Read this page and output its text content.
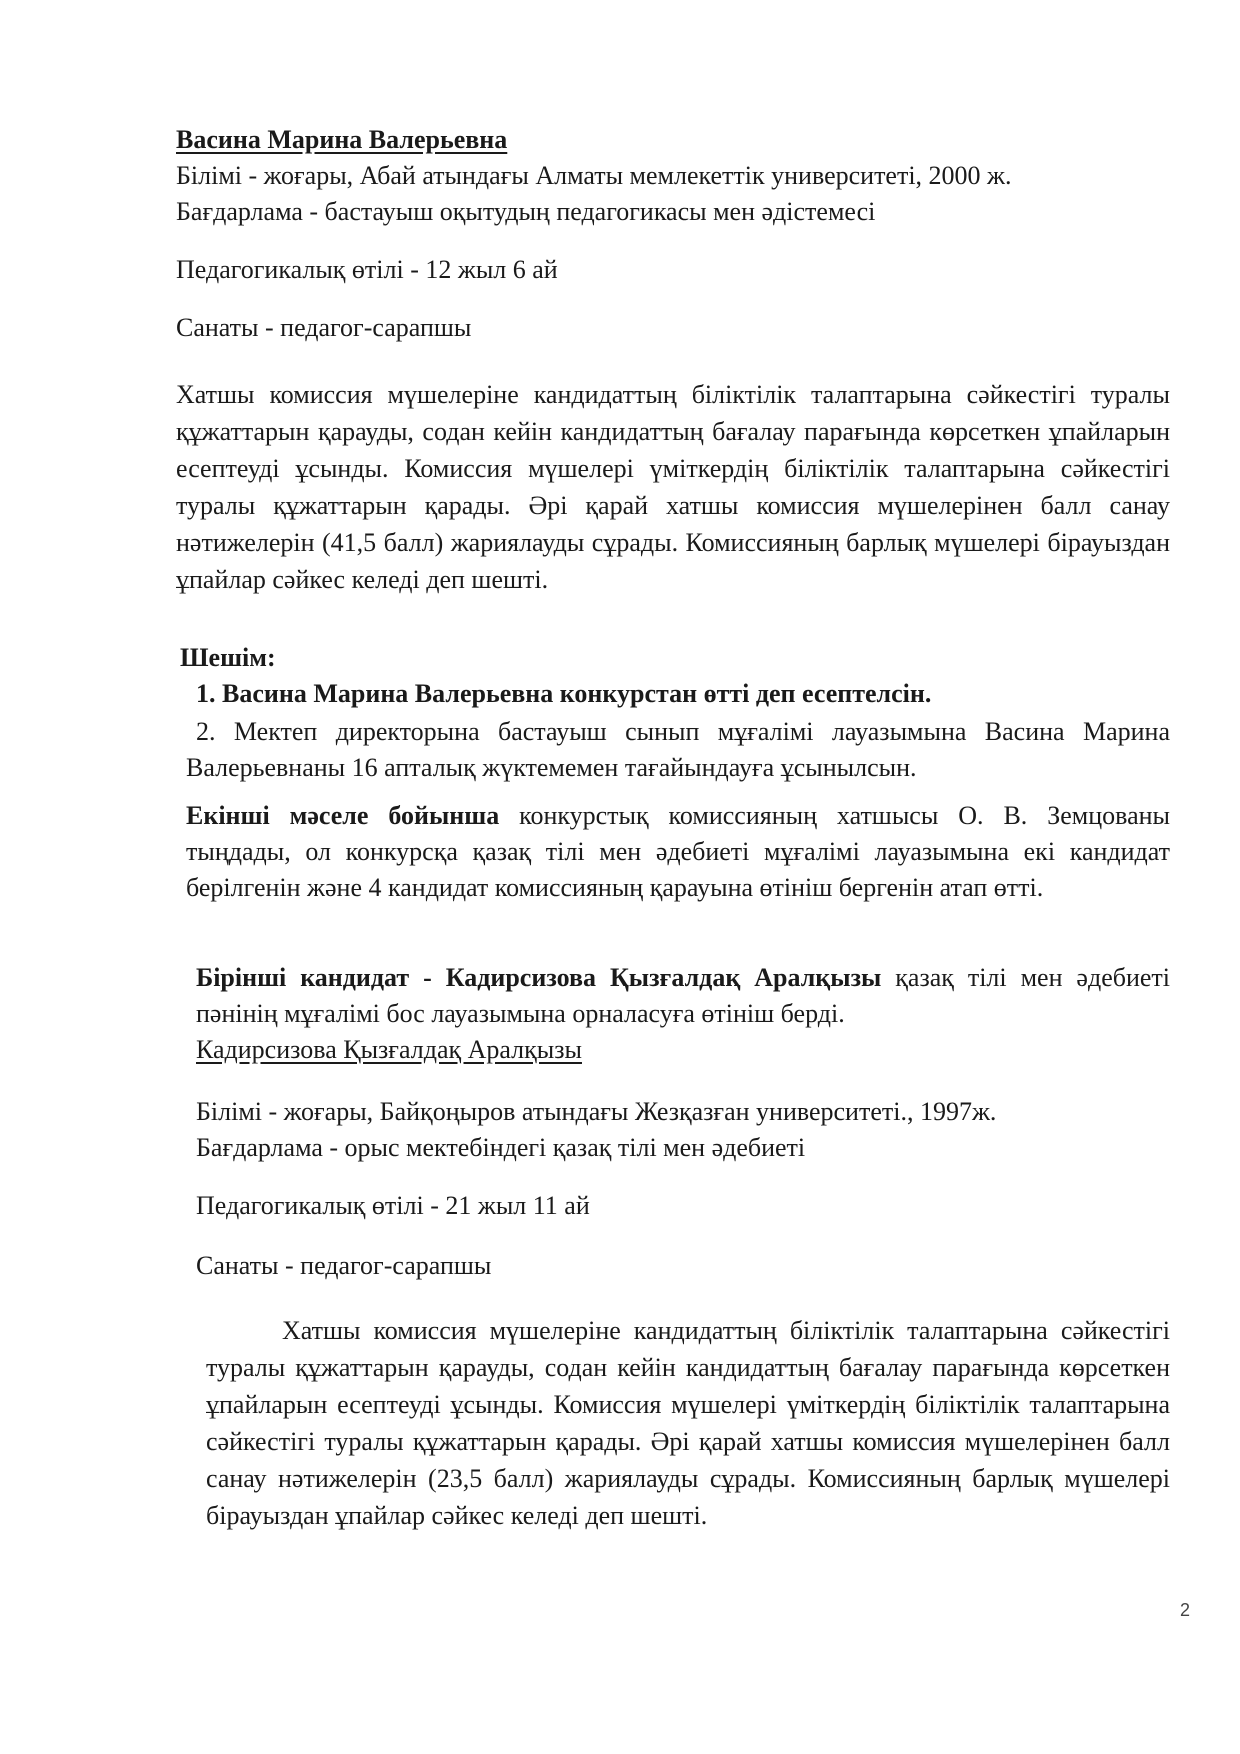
Васина Марина Валерьевна

Білімі - жоғары, Абай атындағы Алматы мемлекеттік университеті, 2000 ж.

Бағдарлама - бастауыш оқытудың педагогикасы мен әдістемесі

Педагогикалық өтілі - 12 жыл 6 ай

Санаты - педагог-сарапшы

Хатшы комиссия мүшелеріне кандидаттың біліктілік талаптарына сәйкестігі туралы құжаттарын қарауды, содан кейін кандидаттың бағалау парағында көрсеткен ұпайларын есептеуді ұсынды. Комиссия мүшелері үміткердің біліктілік талаптарына сәйкестігі туралы құжаттарын қарады. Әрі қарай хатшы комиссия мүшелерінен балл санау нәтижелерін (41,5 балл) жариялауды сұрады. Комиссияның барлық мүшелері бірауыздан ұпайлар сәйкес келеді деп шешті.

Шешім:

1. Васина Марина Валерьевна конкурстан өтті деп есептелсін.

2. Мектеп директорына бастауыш сынып мұғалімі лауазымына Васина Марина Валерьевнаны 16 апталық жүктемемен тағайындауға ұсынылсын.

Екінші мәселе бойынша конкурстық комиссияның хатшысы О. В. Земцованы тыңдады, ол конкурсқа қазақ тілі мен әдебиеті мұғалімі лауазымына екі кандидат берілгенін және 4 кандидат комиссияның қарауына өтініш бергенін атап өтті.

Бірінші кандидат - Кадирсизова Қызғалдақ Аралқызы қазақ тілі мен әдебиеті пәнінің мұғалімі бос лауазымына орналасуға өтініш берді.

Кадирсизова Қызғалдақ Аралқызы

Білімі - жоғары, Байқоңыров атындағы Жезқазған университеті., 1997ж.

Бағдарлама - орыс мектебіндегі қазақ тілі мен әдебиеті

Педагогикалық өтілі - 21 жыл 11 ай

Санаты - педагог-сарапшы

Хатшы комиссия мүшелеріне кандидаттың біліктілік талаптарына сәйкестігі туралы құжаттарын қарауды, содан кейін кандидаттың бағалау парағында көрсеткен ұпайларын есептеуді ұсынды. Комиссия мүшелері үміткердің біліктілік талаптарына сәйкестігі туралы құжаттарын қарады. Әрі қарай хатшы комиссия мүшелерінен балл санау нәтижелерін (23,5 балл) жариялауды сұрады. Комиссияның барлық мүшелері бірауыздан ұпайлар сәйкес келеді деп шешті.

2
